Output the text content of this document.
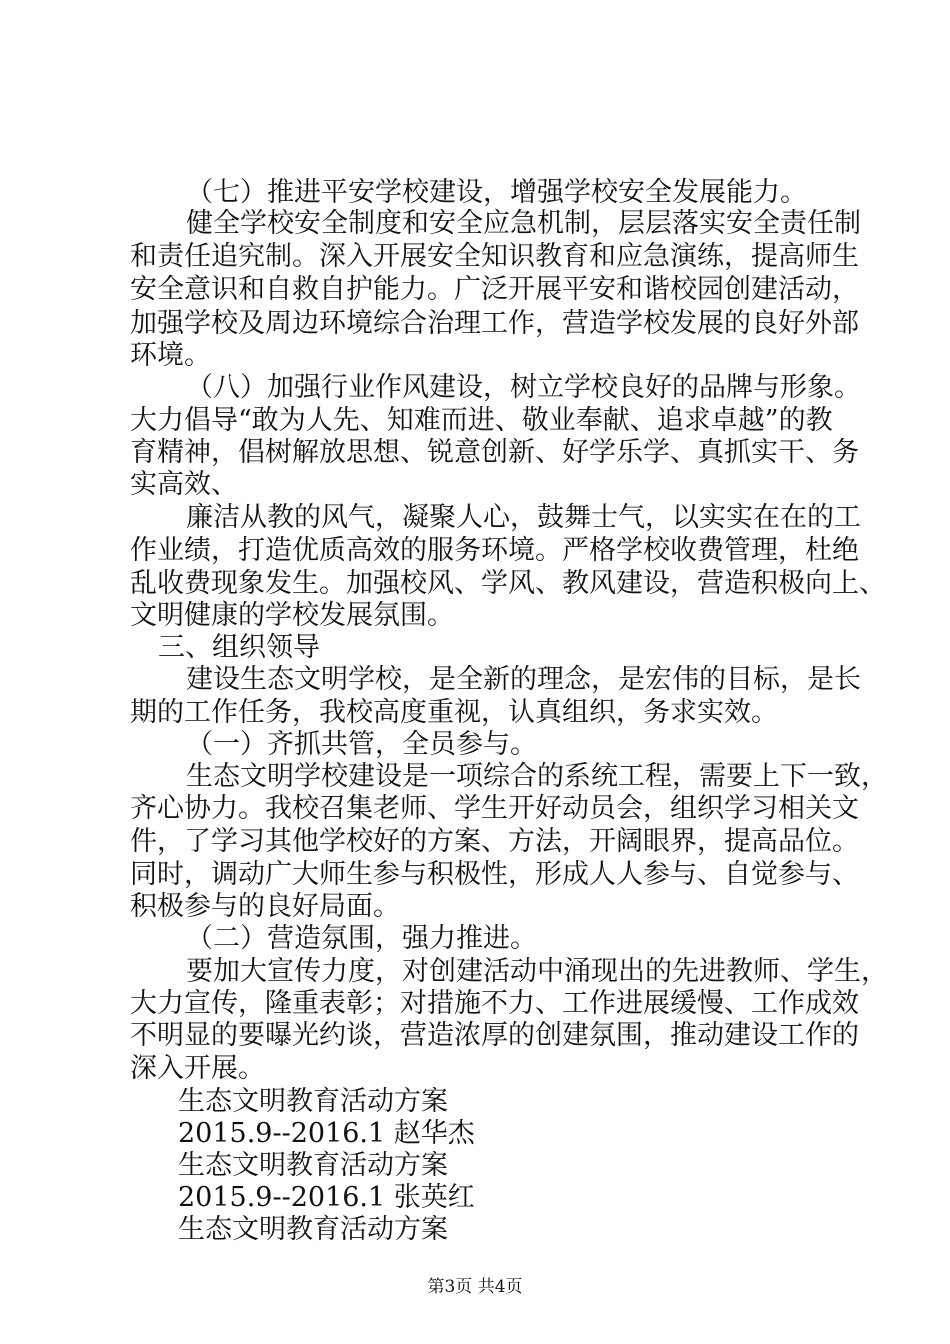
（七）推进平安学校建设，增强学校安全发展能力。
健全学校安全制度和安全应急机制，层层落实安全责任制
和责任追究制。深入开展安全知识教育和应急演练，提高师生
安全意识和自救自护能力。广泛开展平安和谐校园创建活动，
加强学校及周边环境综合治理工作，营造学校发展的良好外部
环境。
（八）加强行业作风建设，树立学校良好的品牌与形象。
大力倡导“敢为人先、知难而进、敬业奉献、追求卓越”的教
育精神，倡树解放思想、锐意创新、好学乐学、真抓实干、务
实高效、
廉洁从教的风气，凝聚人心，鼓舞士气，以实实在在的工
作业绩，打造优质高效的服务环境。严格学校收费管理，杜绝
乱收费现象发生。加强校风、学风、教风建设，营造积极向上、
文明健康的学校发展氛围。
三、组织领导
建设生态文明学校，是全新的理念，是宏伟的目标，是长
期的工作任务，我校高度重视，认真组织，务求实效。
（一）齐抓共管，全员参与。
生态文明学校建设是一项综合的系统工程，需要上下一致，
齐心协力。我校召集老师、学生开好动员会，组织学习相关文
件，了学习其他学校好的方案、方法，开阔眼界，提高品位。
同时，调动广大师生参与积极性，形成人人参与、自觉参与、
积极参与的良好局面。
（二）营造氛围，强力推进。
要加大宣传力度，对创建活动中涌现出的先进教师、学生，
大力宣传，隆重表彰；对措施不力、工作进展缓慢、工作成效
不明显的要曝光约谈，营造浓厚的创建氛围，推动建设工作的
深入开展。
生态文明教育活动方案
2015.9--2016.1 赵华杰
生态文明教育活动方案
2015.9--2016.1 张英红
生态文明教育活动方案
第3页 共4页
